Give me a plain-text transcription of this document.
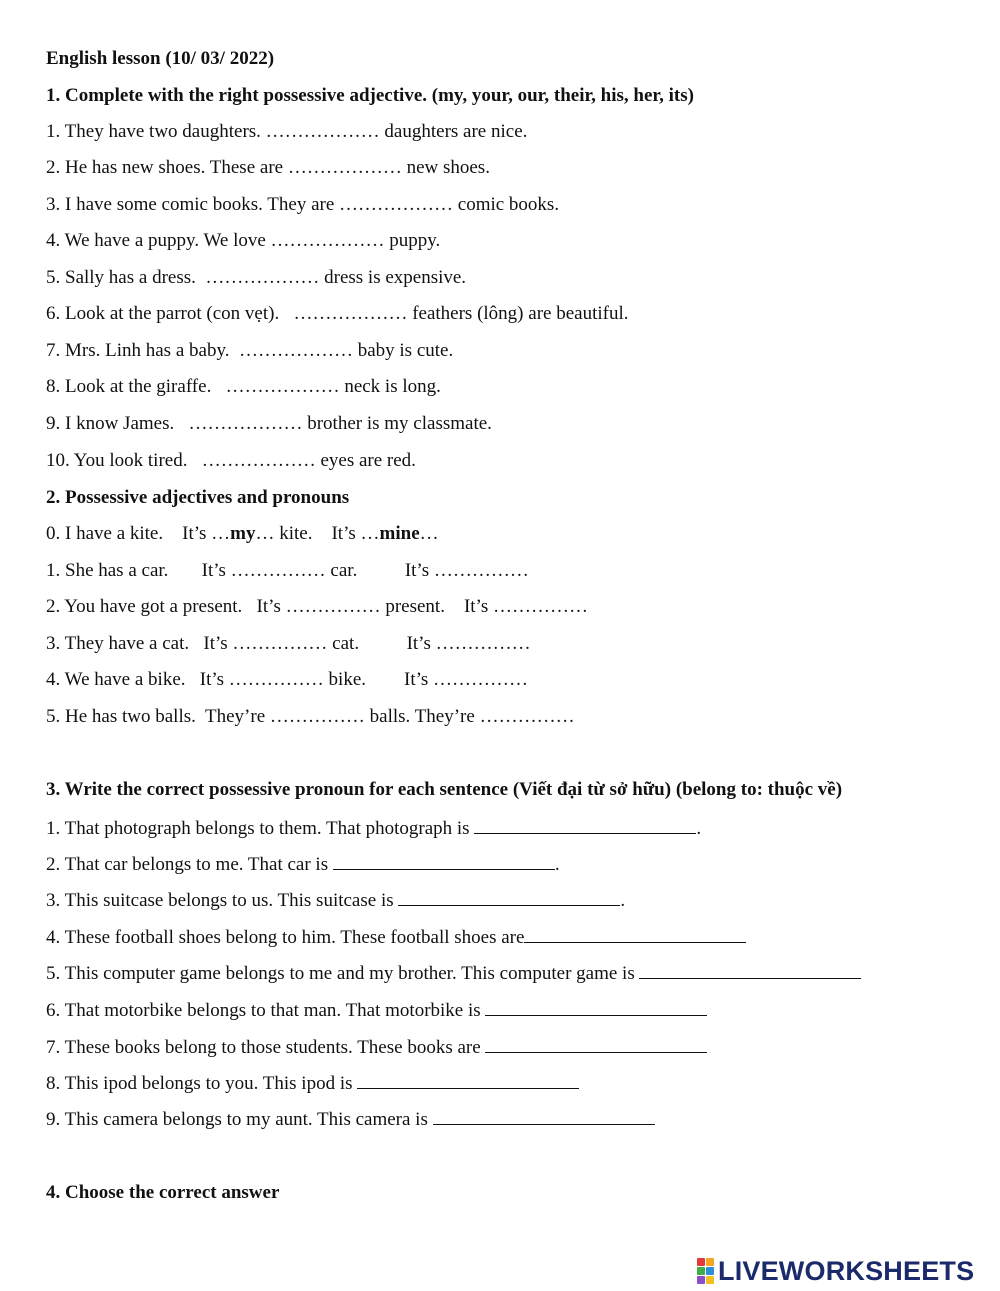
English lesson (10/ 03/ 2022)
1. Complete with the right possessive adjective. (my, your, our, their, his, her, its)
1. They have two daughters. ……………… daughters are nice.
2. He has new shoes. These are ……………… new shoes.
3. I have some comic books. They are ……………… comic books.
4. We have a puppy. We love ……………… puppy.
5. Sally has a dress.  ……………… dress is expensive.
6. Look at the parrot (con vẹt).   ……………… feathers (lông) are beautiful.
7. Mrs. Linh has a baby.  ……………… baby is cute.
8. Look at the giraffe.   ……………… neck is long.
9. I know James.   ……………… brother is my classmate.
10. You look tired.   ……………… eyes are red.
2. Possessive adjectives and pronouns
0. I have a kite.    It’s …my… kite.    It’s …mine…
1. She has a car.       It’s …………… car.          It’s ……………
2. You have got a present.   It’s …………… present.    It’s ……………
3. They have a cat.   It’s …………… cat.          It’s ……………
4. We have a bike.   It’s …………… bike.        It’s ……………
5. He has two balls.  They’re …………… balls. They’re ……………
3. Write the correct possessive pronoun for each sentence (Viết đại từ sở hữu) (belong to: thuộc về)
1. That photograph belongs to them. That photograph is	.
2. That car belongs to me. That car is	.
3. This suitcase belongs to us. This suitcase is	.
4. These football shoes belong to him. These football shoes are
5. This computer game belongs to me and my brother. This computer game is
6. That motorbike belongs to that man. That motorbike is
7. These books belong to those students. These books are
8. This ipod belongs to you. This ipod is
9. This camera belongs to my aunt. This camera is
4. Choose the correct answer
LIVEWORKSHEETS
